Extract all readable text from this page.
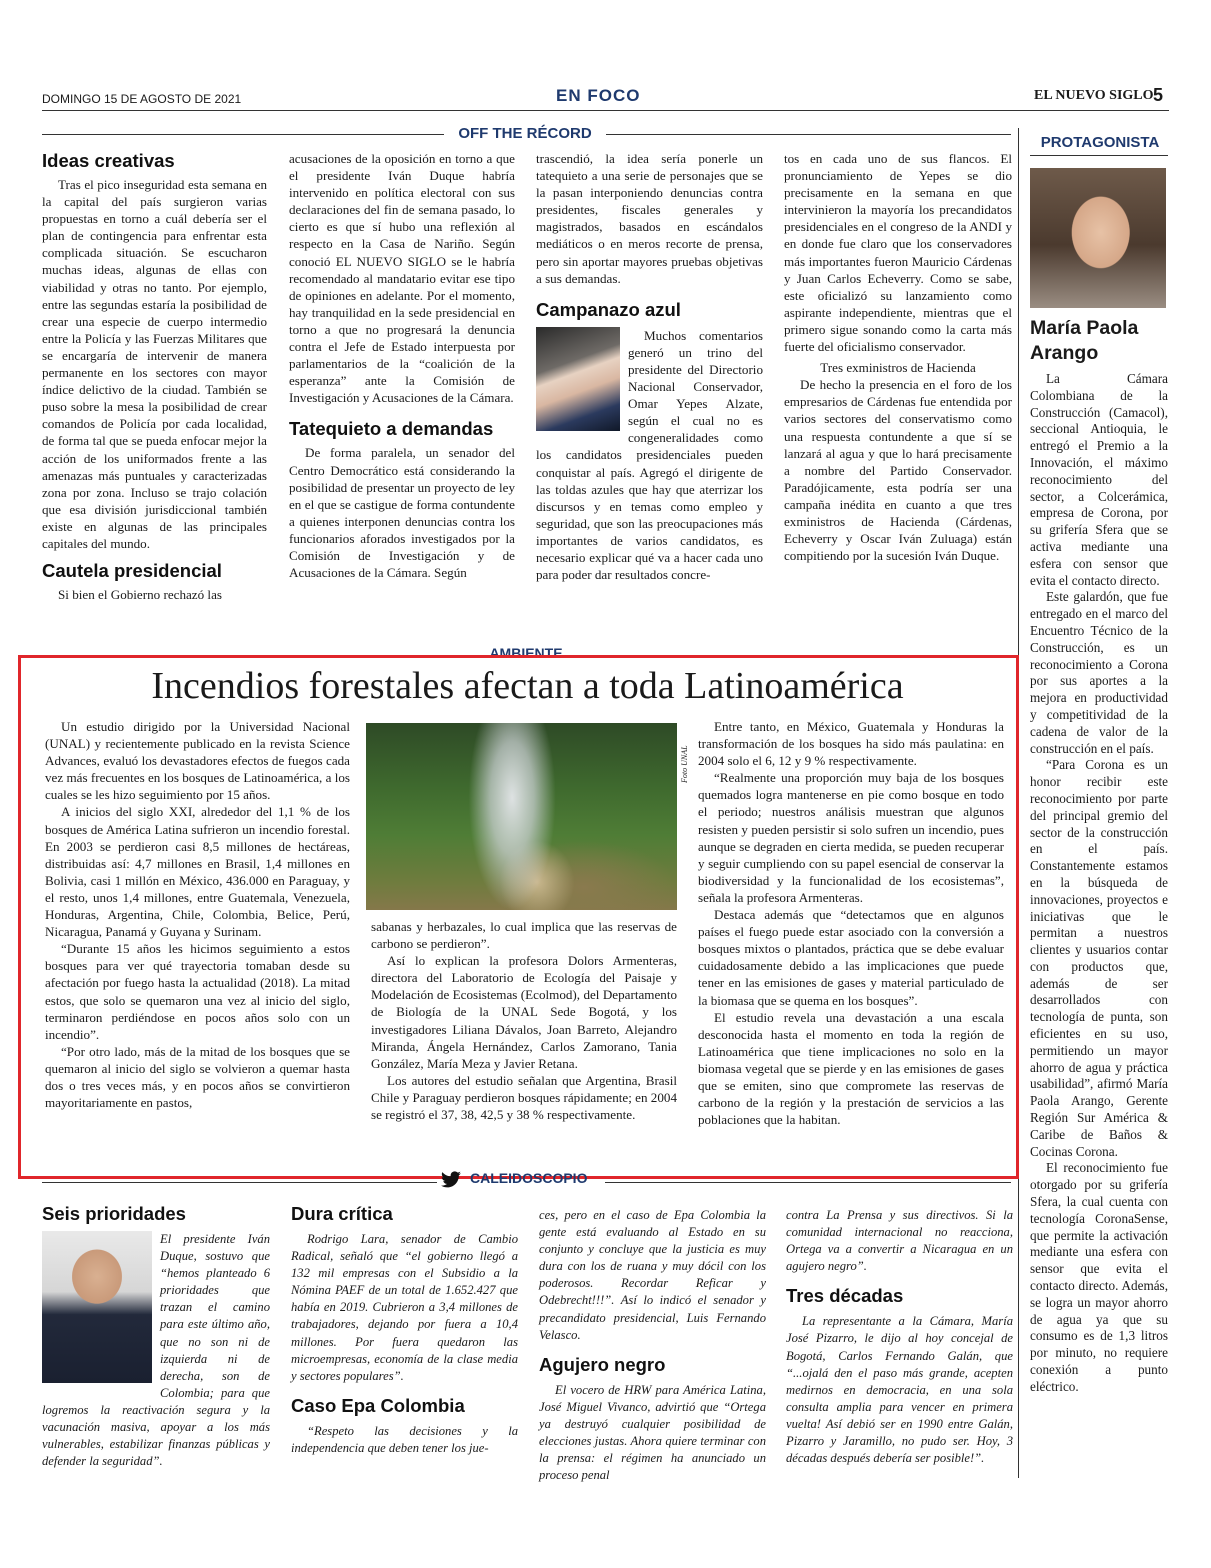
DOMINGO 15 DE AGOSTO DE 2021	EN FOCO	EL NUEVO SIGLO 5
OFF THE RÉCORD
Ideas creativas

Tras el pico inseguridad esta semana en la capital del país surgieron varias propuestas en torno a cuál debería ser el plan de contingencia para enfrentar esta complicada situación. Se escucharon muchas ideas, algunas de ellas con viabilidad y otras no tanto. Por ejemplo, entre las segundas estaría la posibilidad de crear una especie de cuerpo intermedio entre la Policía y las Fuerzas Militares que se encargaría de intervenir de manera permanente en los sectores con mayor índice delictivo de la ciudad. También se puso sobre la mesa la posibilidad de crear comandos de Policía por cada localidad, de forma tal que se pueda enfocar mejor la acción de los uniformados frente a las amenazas más puntuales y caracterizadas zona por zona. Incluso se trajo colación que esa división jurisdiccional también existe en algunas de las principales capitales del mundo.

Cautela presidencial

Si bien el Gobierno rechazó las

acusaciones de la oposición en torno a que el presidente Iván Duque habría intervenido en política electoral con sus declaraciones del fin de semana pasado, lo cierto es que sí hubo una reflexión al respecto en la Casa de Nariño. Según conoció EL NUEVO SIGLO se le habría recomendado al mandatario evitar ese tipo de opiniones en adelante. Por el momento, hay tranquilidad en la sede presidencial en torno a que no progresará la denuncia contra el Jefe de Estado interpuesta por parlamentarios de la “coalición de la esperanza” ante la Comisión de Investigación y Acusaciones de la Cámara.

Tatequieto a demandas

De forma paralela, un senador del Centro Democrático está considerando la posibilidad de presentar un proyecto de ley en el que se castigue de forma contundente a quienes interponen denuncias contra los funcionarios aforados investigados por la Comisión de Investigación y de Acusaciones de la Cámara. Según

trascendió, la idea sería ponerle un tatequieto a una serie de personajes que se la pasan interponiendo denuncias contra presidentes, fiscales generales y magistrados, basados en escándalos mediáticos o en meros recorte de prensa, pero sin aportar mayores pruebas objetivas a sus demandas.

Campanazo azul

Muchos comentarios generó un trino del presidente del Directorio Nacional Conservador, Omar Yepes Alzate, según el cual no es congeneralidades como los candidatos presidenciales pueden conquistar al país. Agregó el dirigente de las toldas azules que hay que aterrizar los discursos y en temas como empleo y seguridad, que son las preocupaciones más importantes de varios candidatos, es necesario explicar qué va a hacer cada uno para poder dar resultados concre-

tos en cada uno de sus flancos. El pronunciamiento de Yepes se dio precisamente en la semana en que intervinieron la mayoría los precandidatos presidenciales en el congreso de la ANDI y en donde fue claro que los conservadores más importantes fueron Mauricio Cárdenas y Juan Carlos Echeverry. Como se sabe, este oficializó su lanzamiento como aspirante independiente, mientras que el primero sigue sonando como la carta más fuerte del oficialismo conservador.

Tres exministros de Hacienda

De hecho la presencia en el foro de los empresarios de Cárdenas fue entendida por varios sectores del conservatismo como una respuesta contundente a que sí se lanzará al agua y que lo hará precisamente a nombre del Partido Conservador. Paradójicamente, esta podría ser una campaña inédita en cuanto a que tres exministros de Hacienda (Cárdenas, Echeverry y Oscar Iván Zuluaga) están compitiendo por la sucesión Iván Duque.

PROTAGONISTA
María Paola Arango

La Cámara Colombiana de la Construcción (Camacol), seccional Antioquia, le entregó el Premio a la Innovación, el máximo reconocimiento del sector, a Colcerámica, empresa de Corona, por su grifería Sfera que se activa mediante una esfera con sensor que evita el contacto directo.

Este galardón, que fue entregado en el marco del Encuentro Técnico de la Construcción, es un reconocimiento a Corona por sus aportes a la mejora en productividad y competitividad de la cadena de valor de la construcción en el país.

“Para Corona es un honor recibir este reconocimiento por parte del principal gremio del sector de la construcción en el país. Constantemente estamos en la búsqueda de innovaciones, proyectos e iniciativas que le permitan a nuestros clientes y usuarios contar con productos que, además de ser desarrollados con tecnología de punta, son eficientes en su uso, permitiendo un mayor ahorro de agua y práctica usabilidad”, afirmó María Paola Arango, Gerente Región Sur América & Caribe de Baños & Cocinas Corona.

El reconocimiento fue otorgado por su grifería Sfera, la cual cuenta con tecnología CoronaSense, que permite la activación mediante una esfera con sensor que evita el contacto directo. Además, se logra un mayor ahorro de agua ya que su consumo es de 1,3 litros por minuto, no requiere conexión a punto eléctrico.

AMBIENTE
Incendios forestales afectan a toda Latinoamérica

Un estudio dirigido por la Universidad Nacional (UNAL) y recientemente publicado en la revista Science Advances, evaluó los devastadores efectos de fuegos cada vez más frecuentes en los bosques de Latinoamérica, a los cuales se les hizo seguimiento por 15 años.

A inicios del siglo XXI, alrededor del 1,1 % de los bosques de América Latina sufrieron un incendio forestal. En 2003 se perdieron casi 8,5 millones de hectáreas, distribuidas así: 4,7 millones en Brasil, 1,4 millones en Bolivia, casi 1 millón en México, 436.000 en Paraguay, y el resto, unos 1,4 millones, entre Guatemala, Venezuela, Honduras, Argentina, Chile, Colombia, Belice, Perú, Nicaragua, Panamá y Guyana y Surinam.

“Durante 15 años les hicimos seguimiento a estos bosques para ver qué trayectoria tomaban desde su afectación por fuego hasta la actualidad (2018). La mitad estos, que solo se quemaron una vez al inicio del siglo, terminaron perdiéndose en pocos años solo con un incendio”.

“Por otro lado, más de la mitad de los bosques que se quemaron al inicio del siglo se volvieron a quemar hasta dos o tres veces más, y en pocos años se convirtieron mayoritariamente en pastos,

Foto UNAL

sabanas y herbazales, lo cual implica que las reservas de carbono se perdieron”.

Así lo explican la profesora Dolors Armenteras, directora del Laboratorio de Ecología del Paisaje y Modelación de Ecosistemas (Ecolmod), del Departamento de Biología de la UNAL Sede Bogotá, y los investigadores Liliana Dávalos, Joan Barreto, Alejandro Miranda, Ángela Hernández, Carlos Zamorano, Tania González, María Meza y Javier Retana.

Los autores del estudio señalan que Argentina, Brasil Chile y Paraguay perdieron bosques rápidamente; en 2004 se registró el 37, 38, 42,5 y 38 % respectivamente.

Entre tanto, en México, Guatemala y Honduras la transformación de los bosques ha sido más paulatina: en 2004 solo el 6, 12 y 9 % respectivamente.

“Realmente una proporción muy baja de los bosques quemados logra mantenerse en pie como bosque en todo el periodo; nuestros análisis muestran que algunos resisten y pueden persistir si solo sufren un incendio, pues aunque se degraden en cierta medida, se pueden recuperar y seguir cumpliendo con su papel esencial de conservar la biodiversidad y la funcionalidad de los ecosistemas”, señala la profesora Armenteras.

Destaca además que “detectamos que en algunos países el fuego puede estar asociado con la conversión a bosques mixtos o plantados, práctica que se debe evaluar cuidadosamente debido a las implicaciones que puede tener en las emisiones de gases y material particulado de la biomasa que se quema en los bosques”.

El estudio revela una devastación a una escala desconocida hasta el momento en toda la región de Latinoamérica que tiene implicaciones no solo en la biomasa vegetal que se pierde y en las emisiones de gases que se emiten, sino que compromete las reservas de carbono de la región y la prestación de servicios a las poblaciones que la habitan.

CALEIDOSCOPIO
Seis prioridades

El presidente Iván Duque, sostuvo que “hemos planteado 6 prioridades que trazan el camino para este último año, que no son ni de izquierda ni de derecha, son de Colombia; para que logremos la reactivación segura y la vacunación masiva, apoyar a los más vulnerables, estabilizar finanzas públicas y defender la seguridad”.

Dura crítica

Rodrigo Lara, senador de Cambio Radical, señaló que “el gobierno llegó a 132 mil empresas con el Subsidio a la Nómina PAEF de un total de 1.652.427 que había en 2019. Cubrieron a 3,4 millones de trabajadores, dejando por fuera a 10,4 millones. Por fuera quedaron las microempresas, economía de la clase media y sectores populares”.

Caso Epa Colombia

“Respeto las decisiones y la independencia que deben tener los jue-

ces, pero en el caso de Epa Colombia la gente está evaluando al Estado en su conjunto y concluye que la justicia es muy dura con los de ruana y muy dócil con los poderosos. Recordar Reficar y Odebrecht!!!”. Así lo indicó el senador y precandidato presidencial, Luis Fernando Velasco.

Agujero negro

El vocero de HRW para América Latina, José Miguel Vivanco, advirtió que “Ortega ya destruyó cualquier posibilidad de elecciones justas. Ahora quiere terminar con la prensa: el régimen ha anunciado un proceso penal

contra La Prensa y sus directivos. Si la comunidad internacional no reacciona, Ortega va a convertir a Nicaragua en un agujero negro”.

Tres décadas

La representante a la Cámara, María José Pizarro, le dijo al hoy concejal de Bogotá, Carlos Fernando Galán, que “...ojalá den el paso más grande, acepten medirnos en democracia, en una sola consulta amplia para vencer en primera vuelta! Así debió ser en 1990 entre Galán, Pizarro y Jaramillo, no pudo ser. Hoy, 3 décadas después debería ser posible!”.
